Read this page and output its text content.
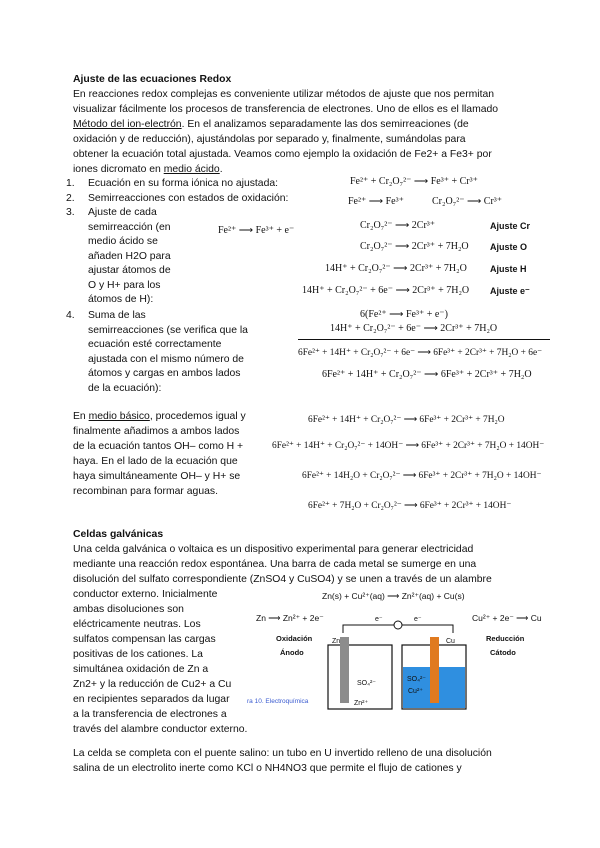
Ajuste de las ecuaciones Redox
En reacciones redox complejas es conveniente utilizar métodos de ajuste que nos permitan
visualizar fácilmente los procesos de transferencia de electrones. Uno de ellos es el llamado
Método del ion-electrón. En el analizamos separadamente las dos semirreaciones (de
oxidación y de reducción), ajustándolas por separado y, finalmente, sumándolas para
obtener la ecuación total ajustada. Veamos como ejemplo la oxidación de Fe2+ a Fe3+ por
iones dicromato en medio ácido.
1. Ecuación en su forma iónica no ajustada:
2. Semirreacciones con estados de oxidación:
3. Ajuste de cada
semirreacción (en
medio ácido se
añaden H2O para
ajustar átomos de
O y H+ para los
átomos de H):
4. Suma de las
semirreacciones (se verifica que la
ecuación esté correctamente
ajustada con el mismo número de
átomos y cargas en ambos lados
de la ecuación):
Fe²⁺ + Cr₂O₇²⁻ ⟶ Fe³⁺ + Cr³⁺
Fe²⁺ ⟶ Fe³⁺	Cr₂O₇²⁻ ⟶ Cr³⁺
Fe²⁺ ⟶ Fe³⁺ + e⁻	Cr₂O₇²⁻ ⟶ 2Cr³⁺	Ajuste Cr
Cr₂O₇²⁻ ⟶ 2Cr³⁺ + 7H₂O Ajuste O
14H⁺ + Cr₂O₇²⁻ ⟶ 2Cr³⁺ + 7H₂O	Ajuste H
14H⁺ + Cr₂O₇²⁻ + 6e⁻ ⟶ 2Cr³⁺ + 7H₂O Ajuste e⁻
6(Fe²⁺ ⟶ Fe³⁺ + e⁻)
14H⁺ + Cr₂O₇²⁻ + 6e⁻ ⟶ 2Cr³⁺ + 7H₂O
6Fe²⁺ + 14H⁺ + Cr₂O₇²⁻ + 6e⁻ ⟶ 6Fe³⁺ + 2Cr³⁺ + 7H₂O + 6e⁻
6Fe²⁺ + 14H⁺ + Cr₂O₇²⁻ ⟶ 6Fe³⁺ + 2Cr³⁺ + 7H₂O
En medio básico, procedemos igual y
finalmente añadimos a ambos lados
de la ecuación tantos OH– como H +
haya. En el lado de la ecuación que
haya simultáneamente OH– y H+ se
recombinan para formar aguas.
6Fe²⁺ + 14H⁺ + Cr₂O₇²⁻ ⟶ 6Fe³⁺ + 2Cr³⁺ + 7H₂O
6Fe²⁺ + 14H⁺ + Cr₂O₇²⁻ + 14OH⁻ ⟶ 6Fe³⁺ + 2Cr³⁺ + 7H₂O + 14OH⁻
6Fe²⁺ + 14H₂O + Cr₂O₇²⁻ ⟶ 6Fe³⁺ + 2Cr³⁺ + 7H₂O + 14OH⁻
6Fe²⁺ + 7H₂O + Cr₂O₇²⁻ ⟶ 6Fe³⁺ + 2Cr³⁺ + 14OH⁻
Celdas galvánicas
Una celda galvánica o voltaica es un dispositivo experimental para generar electricidad
mediante una reacción redox espontánea. Una barra de cada metal se sumerge en una
disolución del sulfato correspondiente (ZnSO4 y CuSO4) y se unen a través de un alambre
conductor externo. Inicialmente
ambas disoluciones son
eléctricamente neutras. Los
sulfatos compensan las cargas
positivas de los cationes. La
simultánea oxidación de Zn a
Zn2+ y la reducción de Cu2+ a Cu
en recipientes separados da lugar
a la transferencia de electrones a
través del alambre conductor externo.
Zn(s) + Cu²⁺(aq) ⟶ Zn²⁺(aq) + Cu(s)
Zn ⟶ Zn²⁺ + 2e⁻	Cu²⁺ + 2e⁻ ⟶ Cu
Oxidación
Ánodo
Reducción
Cátodo
e⁻	e⁻
Zn
SO₄²⁻
Zn²⁺
Cu
SO₄²⁻
Cu²⁺
ra 10. Electroquímica
La celda se completa con el puente salino: un tubo en U invertido relleno de una disolución
salina de un electrolito inerte como KCl o NH4NO3 que permite el flujo de cationes y
